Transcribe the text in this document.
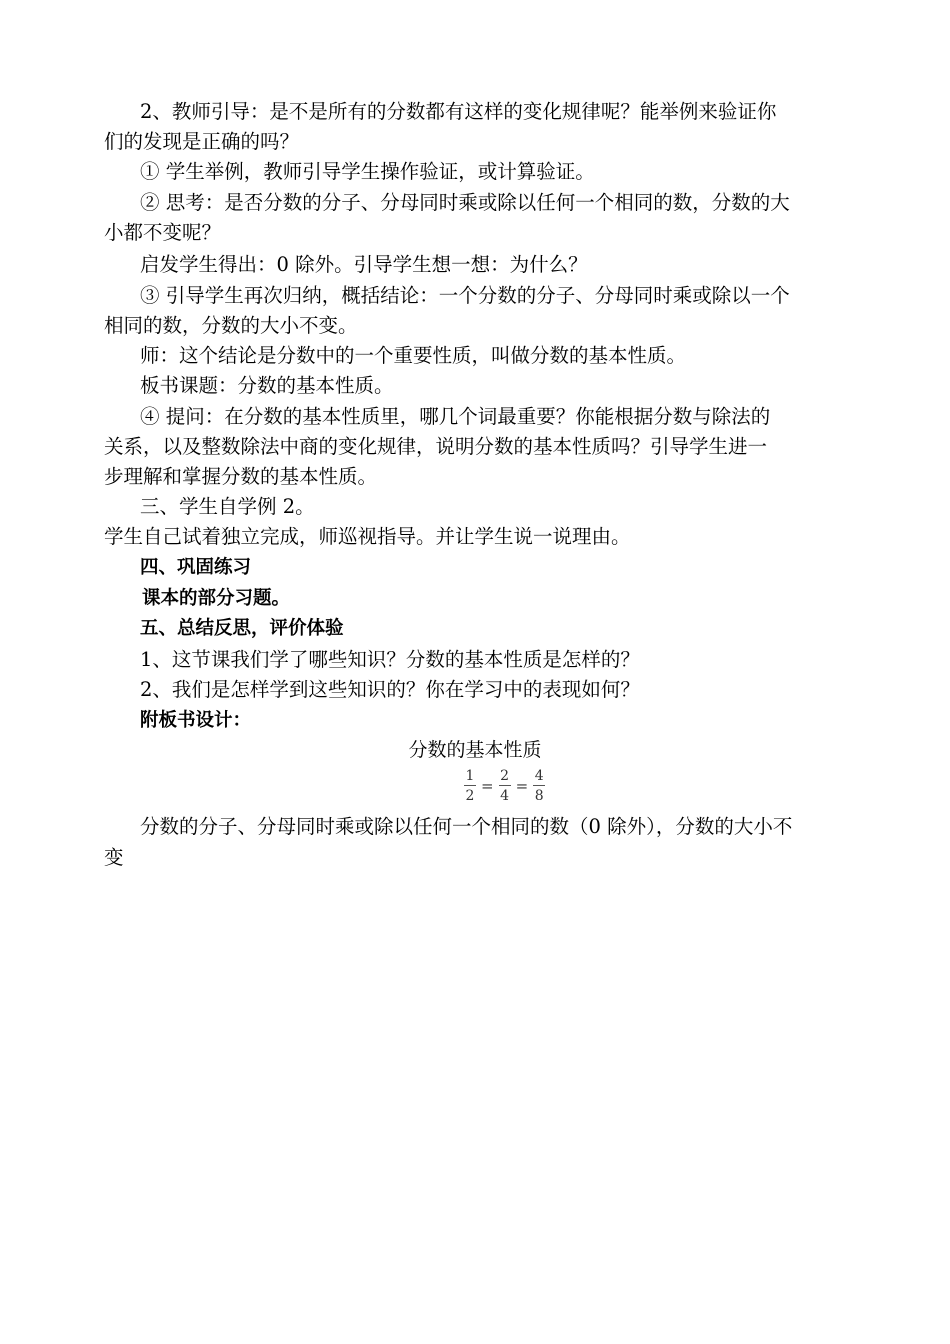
2、教师引导：是不是所有的分数都有这样的变化规律呢？能举例来验证你
们的发现是正确的吗？
① 学生举例，教师引导学生操作验证，或计算验证。
② 思考：是否分数的分子、分母同时乘或除以任何一个相同的数，分数的大
小都不变呢？
启发学生得出：0 除外。引导学生想一想：为什么？
③ 引导学生再次归纳，概括结论：一个分数的分子、分母同时乘或除以一个
相同的数，分数的大小不变。
师：这个结论是分数中的一个重要性质，叫做分数的基本性质。
板书课题：分数的基本性质。
④ 提问：在分数的基本性质里，哪几个词最重要？你能根据分数与除法的
关系，以及整数除法中商的变化规律，说明分数的基本性质吗？引导学生进一
步理解和掌握分数的基本性质。
三、学生自学例 2。
学生自己试着独立完成，师巡视指导。并让学生说一说理由。
四、巩固练习
课本的部分习题。
五、总结反思，评价体验
1、这节课我们学了哪些知识？分数的基本性质是怎样的？
2、我们是怎样学到这些知识的？你在学习中的表现如何？
附板书设计：
分数的基本性质
$\frac{1}{2} = \frac{2}{4} = \frac{4}{8}$
分数的分子、分母同时乘或除以任何一个相同的数（0 除外），分数的大小不
变
